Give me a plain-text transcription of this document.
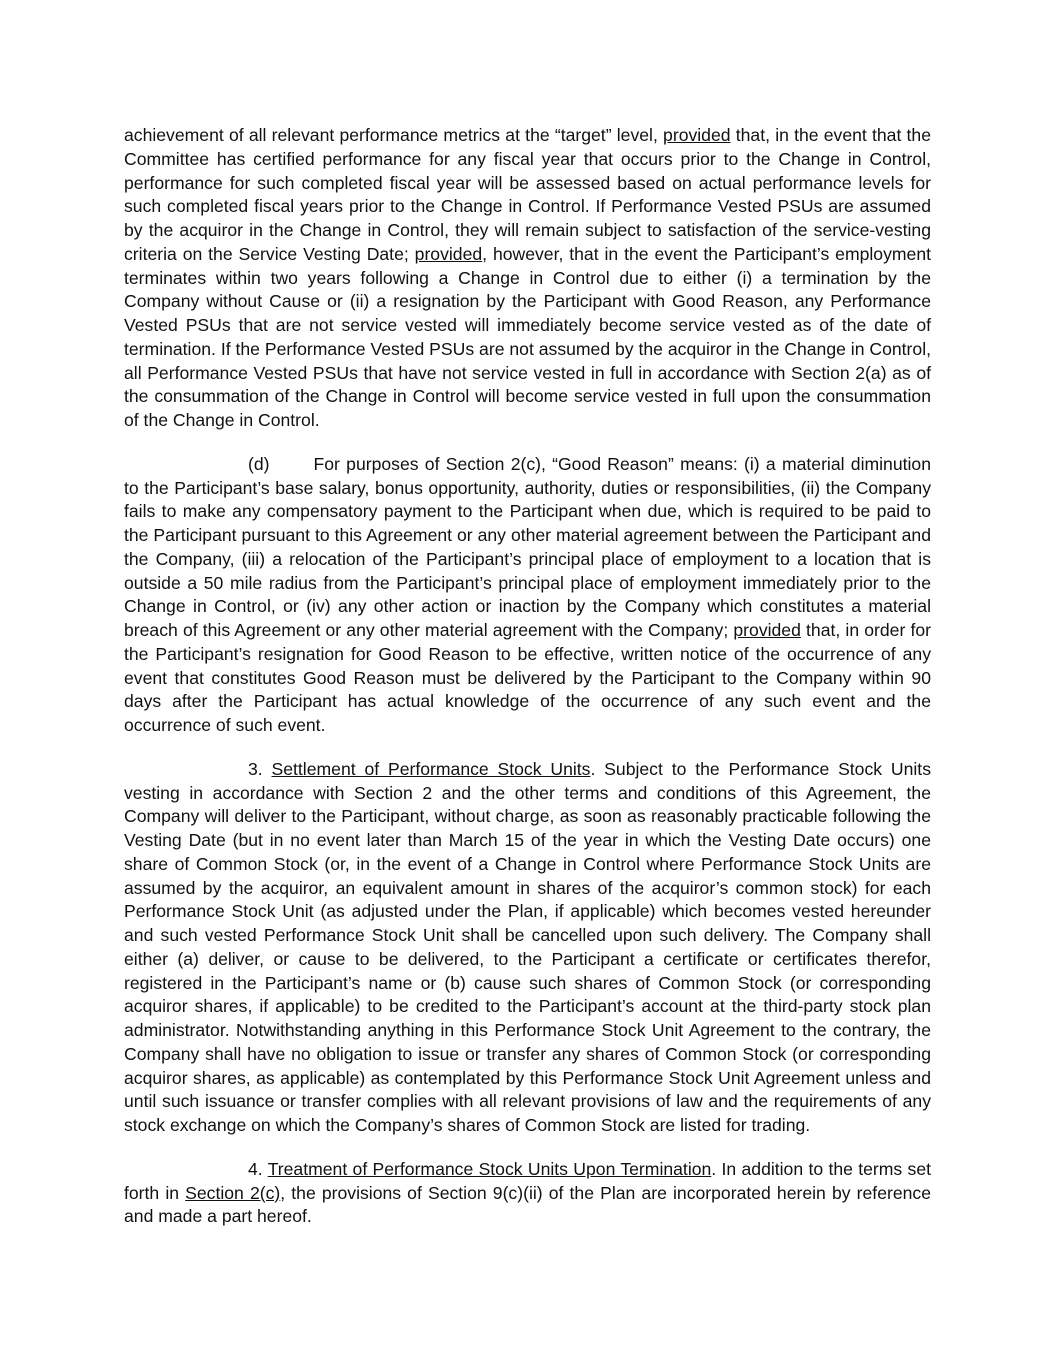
achievement of all relevant performance metrics at the “target” level, provided that, in the event that the Committee has certified performance for any fiscal year that occurs prior to the Change in Control, performance for such completed fiscal year will be assessed based on actual performance levels for such completed fiscal years prior to the Change in Control. If Performance Vested PSUs are assumed by the acquiror in the Change in Control, they will remain subject to satisfaction of the service-vesting criteria on the Service Vesting Date; provided, however, that in the event the Participant’s employment terminates within two years following a Change in Control due to either (i) a termination by the Company without Cause or (ii) a resignation by the Participant with Good Reason, any Performance Vested PSUs that are not service vested will immediately become service vested as of the date of termination. If the Performance Vested PSUs are not assumed by the acquiror in the Change in Control, all Performance Vested PSUs that have not service vested in full in accordance with Section 2(a) as of the consummation of the Change in Control will become service vested in full upon the consummation of the Change in Control.

(d)	For purposes of Section 2(c), “Good Reason” means: (i) a material diminution to the Participant’s base salary, bonus opportunity, authority, duties or responsibilities, (ii) the Company fails to make any compensatory payment to the Participant when due, which is required to be paid to the Participant pursuant to this Agreement or any other material agreement between the Participant and the Company, (iii) a relocation of the Participant’s principal place of employment to a location that is outside a 50 mile radius from the Participant’s principal place of employment immediately prior to the Change in Control, or (iv) any other action or inaction by the Company which constitutes a material breach of this Agreement or any other material agreement with the Company; provided that, in order for the Participant’s resignation for Good Reason to be effective, written notice of the occurrence of any event that constitutes Good Reason must be delivered by the Participant to the Company within 90 days after the Participant has actual knowledge of the occurrence of any such event and the occurrence of such event.

3. Settlement of Performance Stock Units. Subject to the Performance Stock Units vesting in accordance with Section 2 and the other terms and conditions of this Agreement, the Company will deliver to the Participant, without charge, as soon as reasonably practicable following the Vesting Date (but in no event later than March 15 of the year in which the Vesting Date occurs) one share of Common Stock (or, in the event of a Change in Control where Performance Stock Units are assumed by the acquiror, an equivalent amount in shares of the acquiror’s common stock) for each Performance Stock Unit (as adjusted under the Plan, if applicable) which becomes vested hereunder and such vested Performance Stock Unit shall be cancelled upon such delivery. The Company shall either (a) deliver, or cause to be delivered, to the Participant a certificate or certificates therefor, registered in the Participant’s name or (b) cause such shares of Common Stock (or corresponding acquiror shares, if applicable) to be credited to the Participant’s account at the third-party stock plan administrator. Notwithstanding anything in this Performance Stock Unit Agreement to the contrary, the Company shall have no obligation to issue or transfer any shares of Common Stock (or corresponding acquiror shares, as applicable) as contemplated by this Performance Stock Unit Agreement unless and until such issuance or transfer complies with all relevant provisions of law and the requirements of any stock exchange on which the Company’s shares of Common Stock are listed for trading.

4. Treatment of Performance Stock Units Upon Termination. In addition to the terms set forth in Section 2(c), the provisions of Section 9(c)(ii) of the Plan are incorporated herein by reference and made a part hereof.
